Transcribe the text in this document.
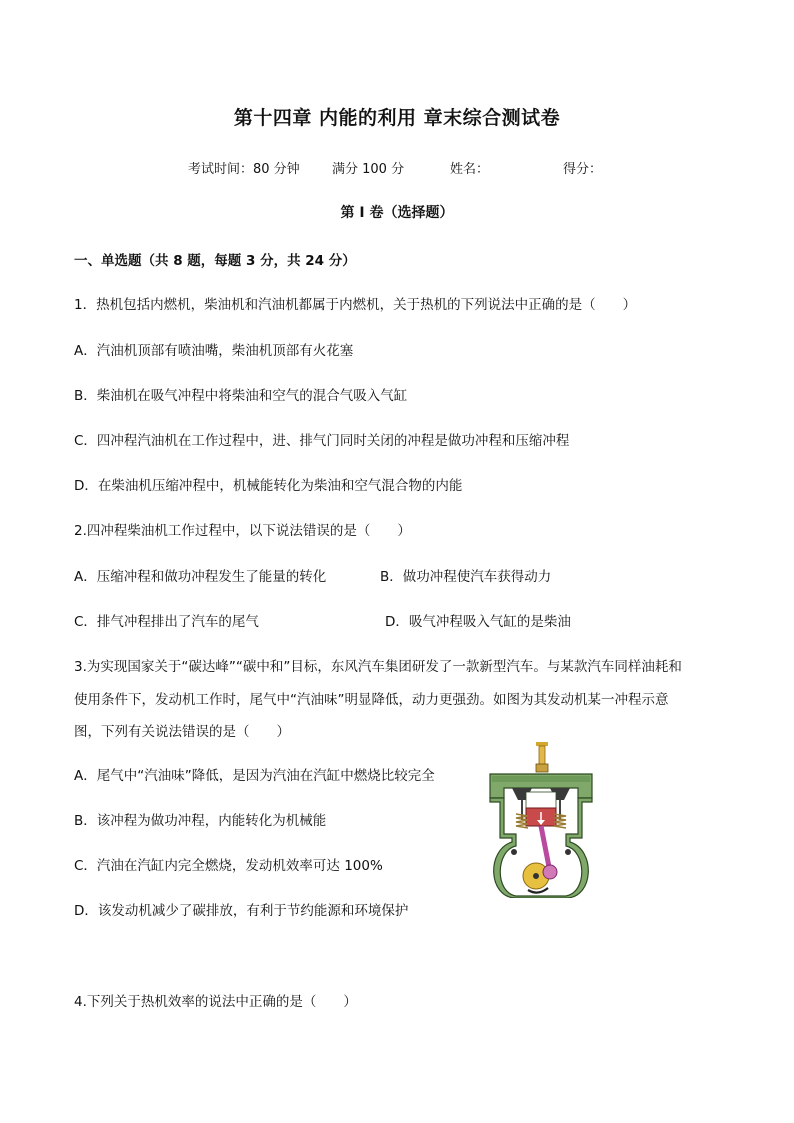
第十四章 内能的利用 章末综合测试卷
考试时间：80 分钟 满分 100 分	姓名：	得分：
第 I 卷（选择题）
一、单选题（共 8 题，每题 3 分，共 24 分）
1．热机包括内燃机，柴油机和汽油机都属于内燃机，关于热机的下列说法中正确的是（　　）
A．汽油机顶部有喷油嘴，柴油机顶部有火花塞
B．柴油机在吸气冲程中将柴油和空气的混合气吸入气缸
C．四冲程汽油机在工作过程中，进、排气门同时关闭的冲程是做功冲程和压缩冲程
D．在柴油机压缩冲程中，机械能转化为柴油和空气混合物的内能
2.四冲程柴油机工作过程中，以下说法错误的是（　　）
A．压缩冲程和做功冲程发生了能量的转化	B．做功冲程使汽车获得动力
C．排气冲程排出了汽车的尾气	D．吸气冲程吸入气缸的是柴油
3.为实现国家关于“碳达峰”“碳中和”目标，东风汽车集团研发了一款新型汽车。与某款汽车同样油耗和
使用条件下，发动机工作时，尾气中“汽油味”明显降低，动力更强劲。如图为其发动机某一冲程示意
图，下列有关说法错误的是（　　）
A．尾气中“汽油味”降低，是因为汽油在汽缸中燃烧比较完全
B．该冲程为做功冲程，内能转化为机械能
C．汽油在汽缸内完全燃烧，发动机效率可达 100%
D．该发动机减少了碳排放，有利于节约能源和环境保护
4.下列关于热机效率的说法中正确的是（　　）
